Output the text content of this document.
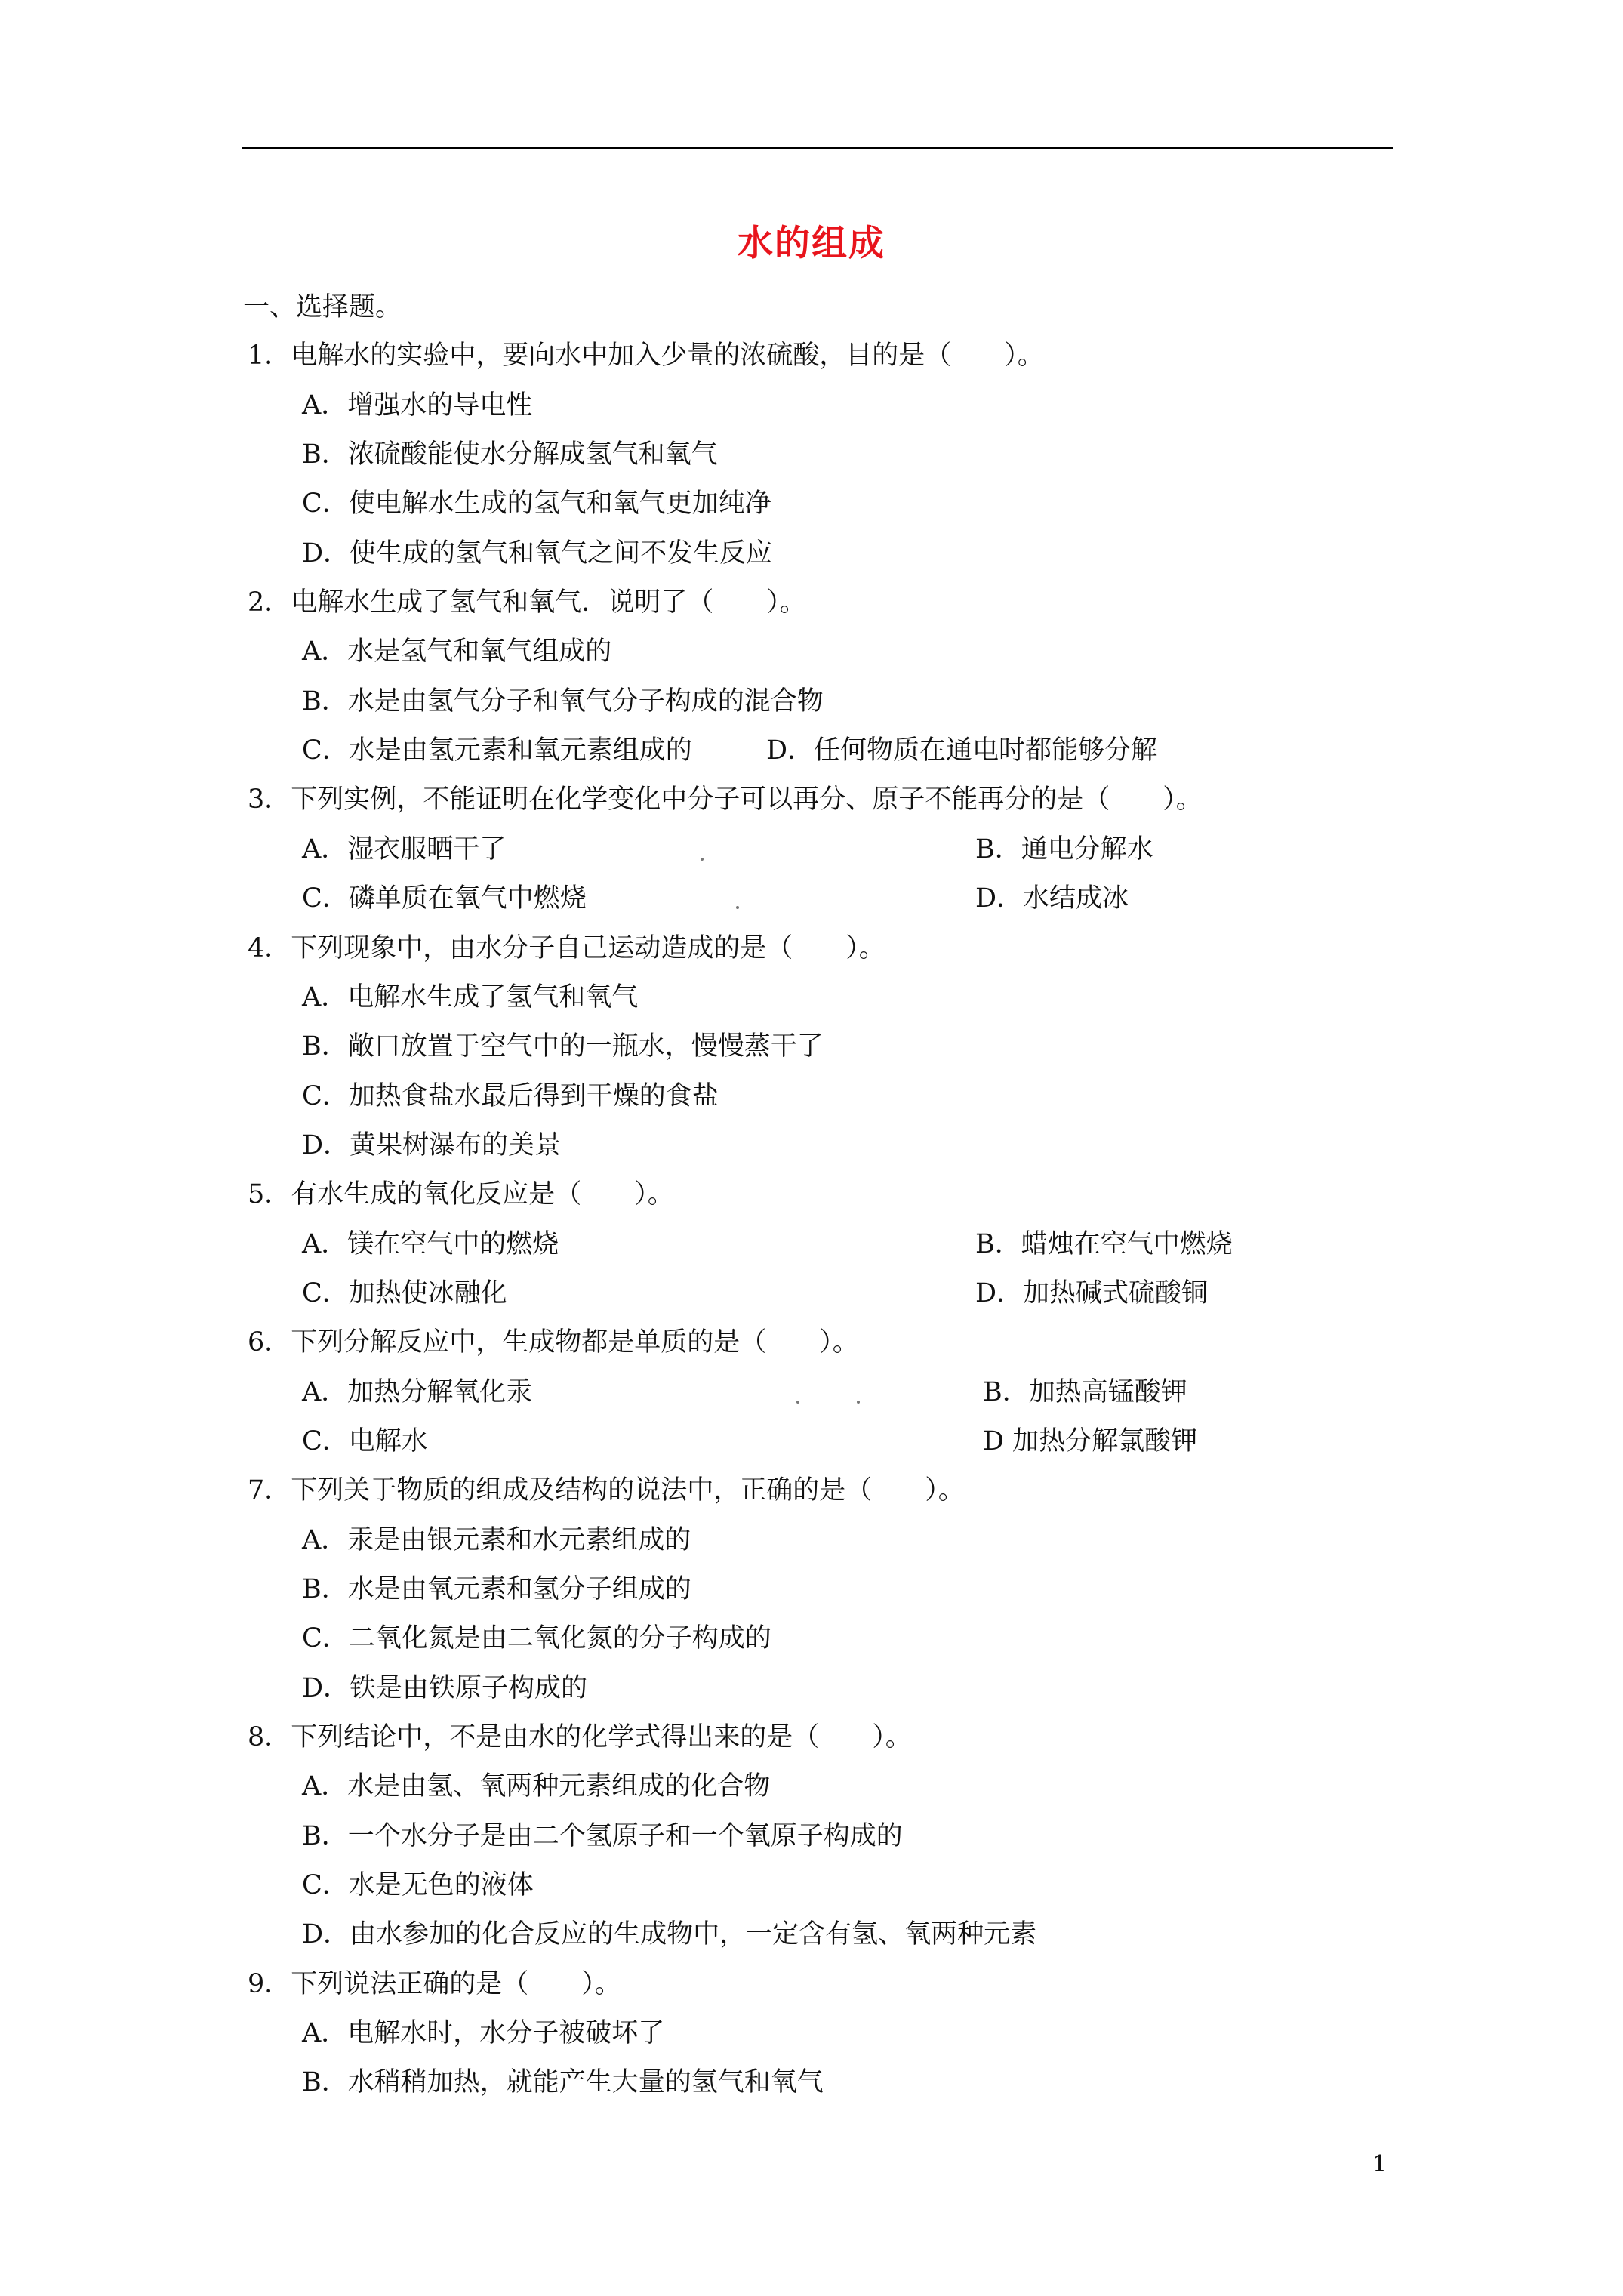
水的组成
一、选择题。
1．电解水的实验中，要向水中加入少量的浓硫酸，目的是（　　）。
A．增强水的导电性
B．浓硫酸能使水分解成氢气和氧气
C．使电解水生成的氢气和氧气更加纯净
D．使生成的氢气和氧气之间不发生反应
2．电解水生成了氢气和氧气．说明了（　　）。
A．水是氢气和氧气组成的
B．水是由氢气分子和氧气分子构成的混合物
C．水是由氢元素和氧元素组成的	D．任何物质在通电时都能够分解
3．下列实例，不能证明在化学变化中分子可以再分、原子不能再分的是（　　）。
A．湿衣服晒干了	B．通电分解水
C．磷单质在氧气中燃烧	D．水结成冰
4．下列现象中，由水分子自己运动造成的是（　　）。
A．电解水生成了氢气和氧气
B．敞口放置于空气中的一瓶水，慢慢蒸干了
C．加热食盐水最后得到干燥的食盐
D．黄果树瀑布的美景
5．有水生成的氧化反应是（　　）。
A．镁在空气中的燃烧	B．蜡烛在空气中燃烧
C．加热使冰融化	D．加热碱式硫酸铜
6．下列分解反应中，生成物都是单质的是（　　）。
A．加热分解氧化汞	B．加热高锰酸钾
C．电解水	D 加热分解氯酸钾
7．下列关于物质的组成及结构的说法中，正确的是（　　）。
A．汞是由银元素和水元素组成的
B．水是由氧元素和氢分子组成的
C．二氧化氮是由二氧化氮的分子构成的
D．铁是由铁原子构成的
8．下列结论中，不是由水的化学式得出来的是（　　）。
A．水是由氢、氧两种元素组成的化合物
B．一个水分子是由二个氢原子和一个氧原子构成的
C．水是无色的液体
D．由水参加的化合反应的生成物中，一定含有氢、氧两种元素
9．下列说法正确的是（　　）。
A．电解水时，水分子被破坏了
B．水稍稍加热，就能产生大量的氢气和氧气
1
